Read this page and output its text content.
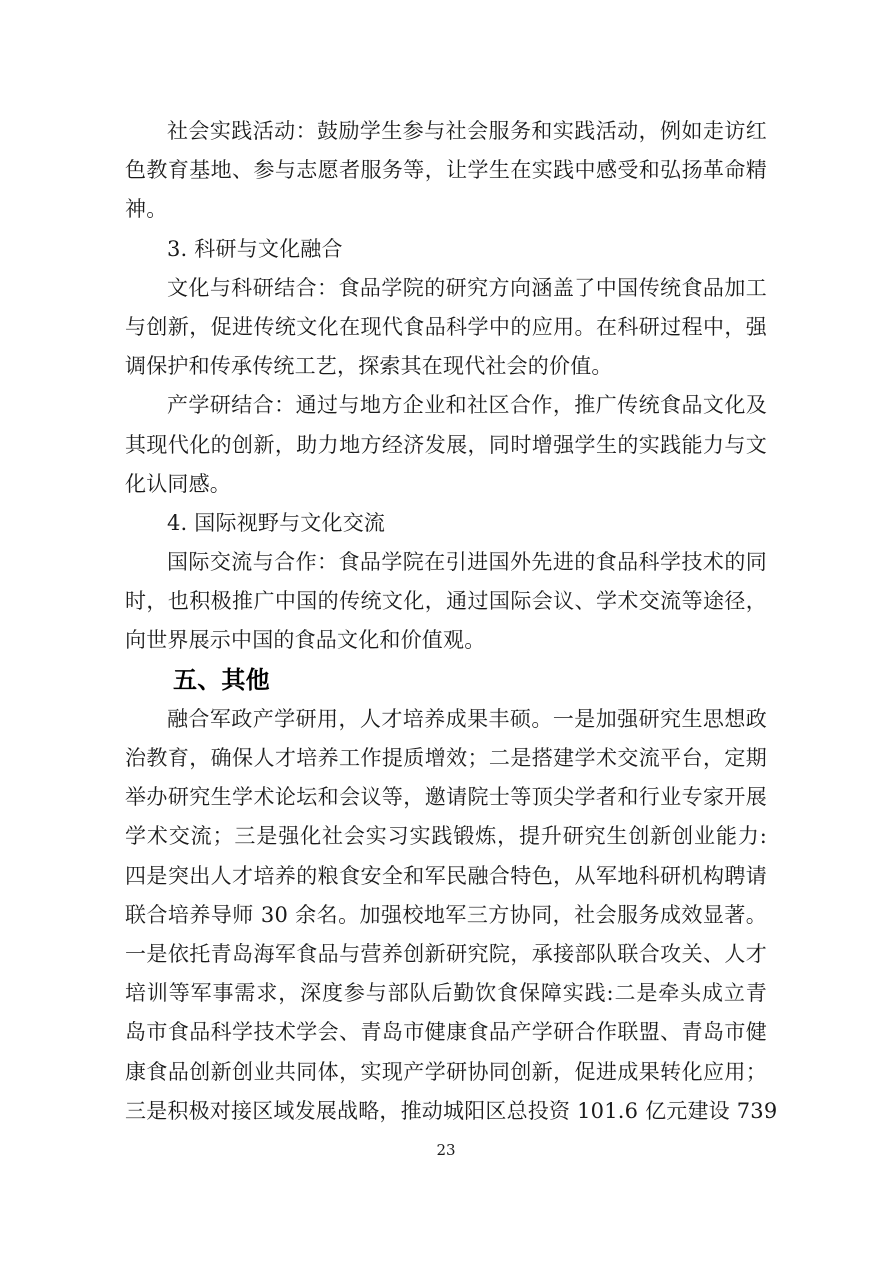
社会实践活动：鼓励学生参与社会服务和实践活动，例如走访红
色教育基地、参与志愿者服务等，让学生在实践中感受和弘扬革命精
神。
3. 科研与文化融合
文化与科研结合：食品学院的研究方向涵盖了中国传统食品加工
与创新，促进传统文化在现代食品科学中的应用。在科研过程中，强
调保护和传承传统工艺，探索其在现代社会的价值。
产学研结合：通过与地方企业和社区合作，推广传统食品文化及
其现代化的创新，助力地方经济发展，同时增强学生的实践能力与文
化认同感。
4. 国际视野与文化交流
国际交流与合作：食品学院在引进国外先进的食品科学技术的同
时，也积极推广中国的传统文化，通过国际会议、学术交流等途径，
向世界展示中国的食品文化和价值观。
五、其他
融合军政产学研用，人才培养成果丰硕。一是加强研究生思想政
治教育，确保人才培养工作提质增效；二是搭建学术交流平台，定期
举办研究生学术论坛和会议等，邀请院士等顶尖学者和行业专家开展
学术交流；三是强化社会实习实践锻炼，提升研究生创新创业能力:
四是突出人才培养的粮食安全和军民融合特色，从军地科研机构聘请
联合培养导师 30 余名。加强校地军三方协同，社会服务成效显著。
一是依托青岛海军食品与营养创新研究院，承接部队联合攻关、人才
培训等军事需求，深度参与部队后勤饮食保障实践:二是牵头成立青
岛市食品科学技术学会、青岛市健康食品产学研合作联盟、青岛市健
康食品创新创业共同体，实现产学研协同创新，促进成果转化应用；
三是积极对接区域发展战略，推动城阳区总投资 101.6 亿元建设 739
23
